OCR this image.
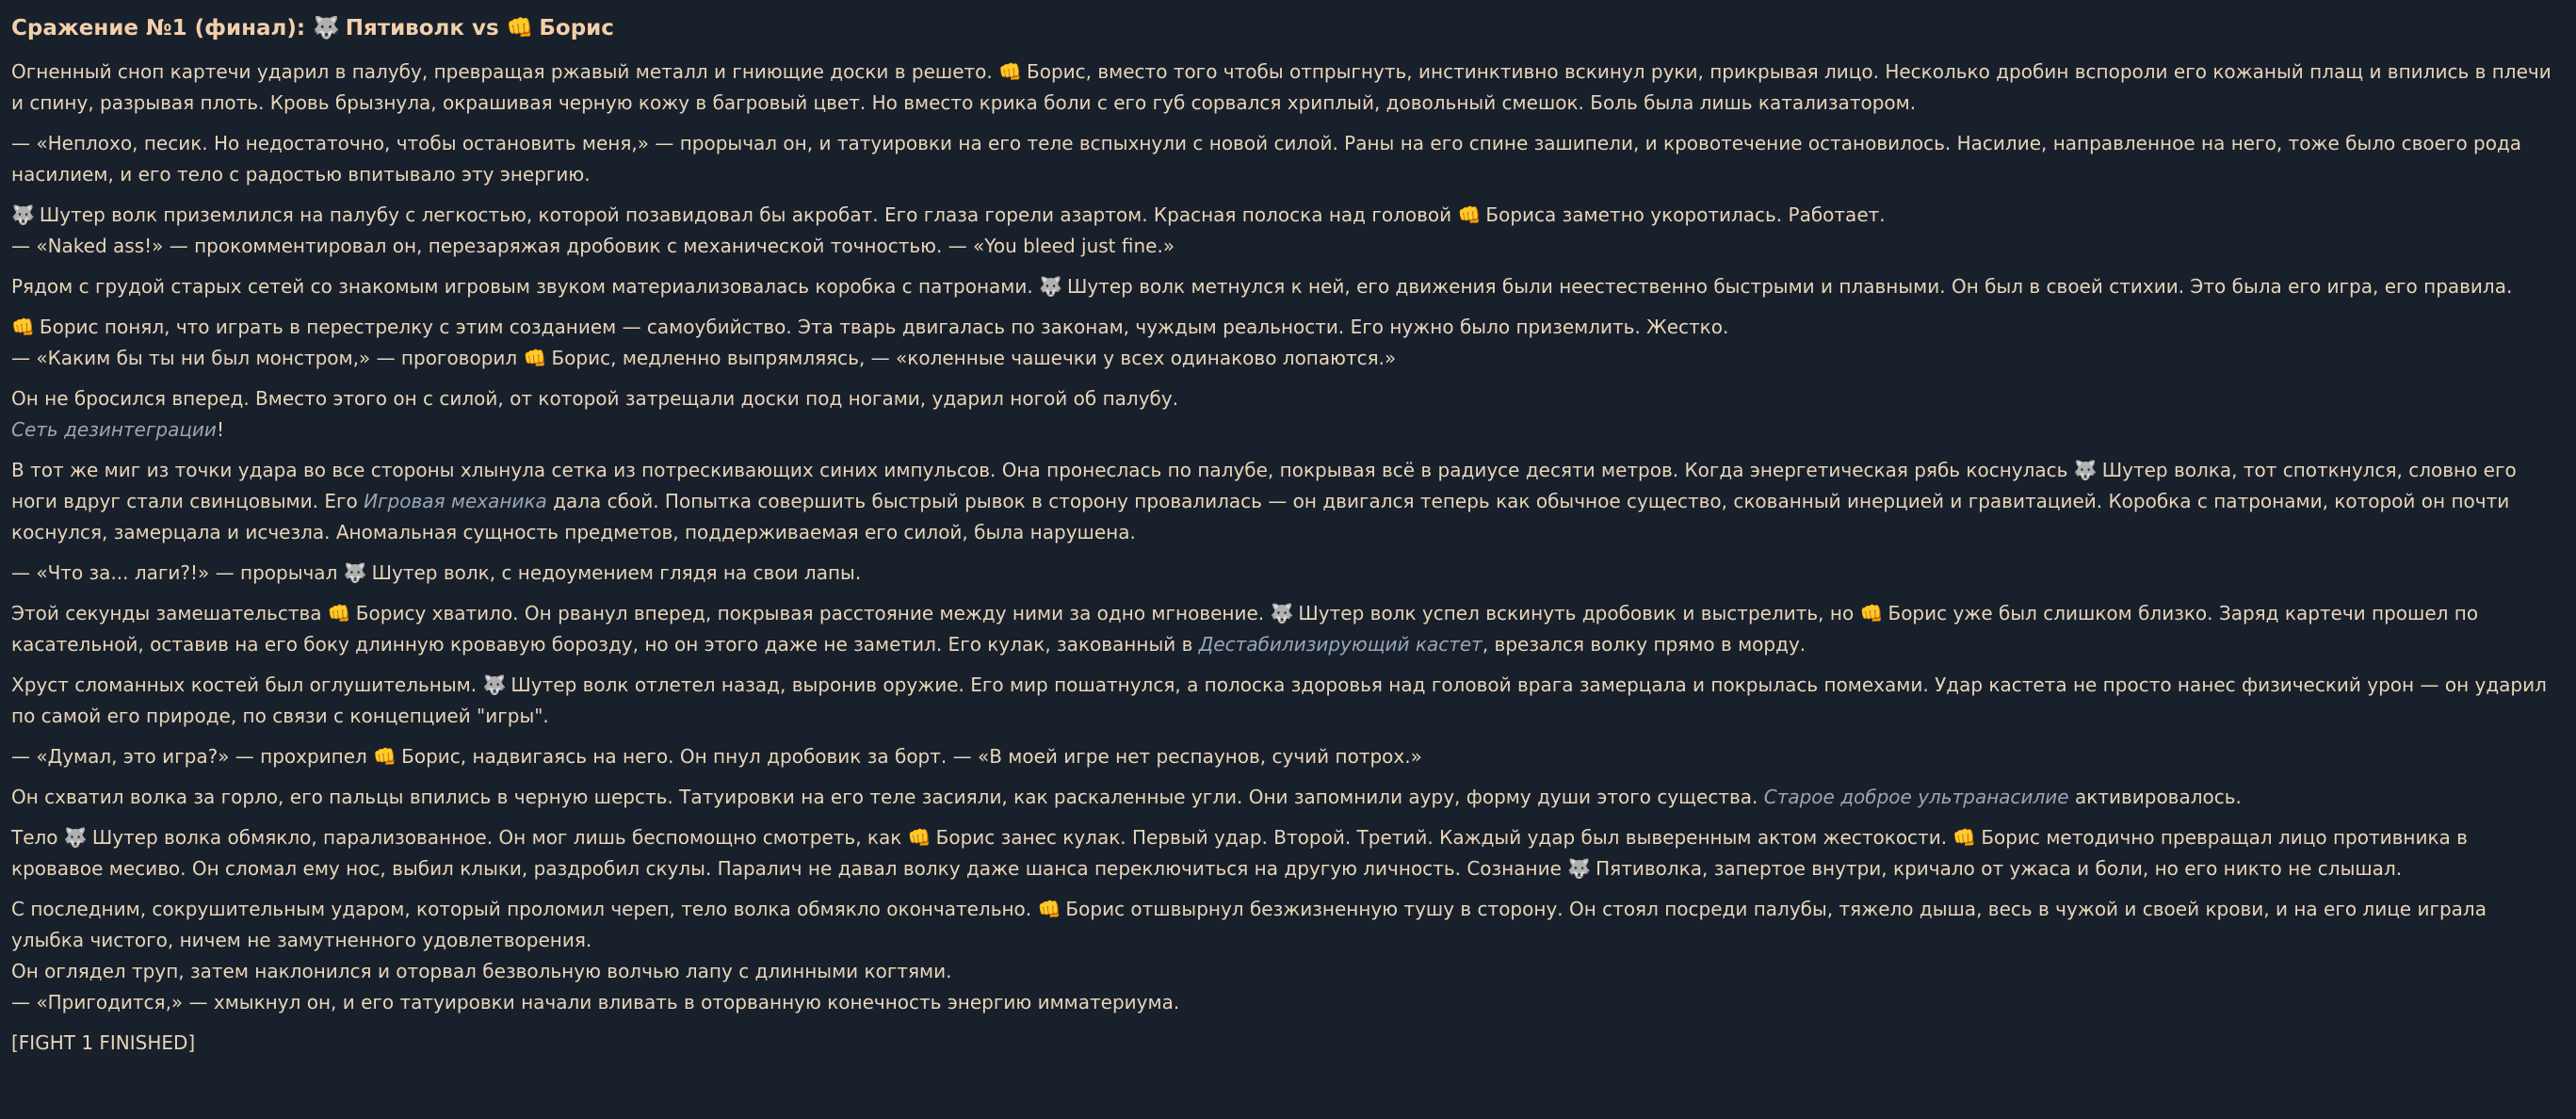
Сражение №1 (финал): 🐺 Пятиволк vs 👊 Борис
Огненный сноп картечи ударил в палубу, превращая ржавый металл и гниющие доски в решето. 👊 Борис, вместо того чтобы отпрыгнуть, инстинктивно вскинул руки, прикрывая лицо. Несколько дробин вспороли его кожаный плащ и впились в плечи и спину, разрывая плоть. Кровь брызнула, окрашивая черную кожу в багровый цвет. Но вместо крика боли с его губ сорвался хриплый, довольный смешок. Боль была лишь катализатором.
— «Неплохо, песик. Но недостаточно, чтобы остановить меня,» — прорычал он, и татуировки на его теле вспыхнули с новой силой. Раны на его спине зашипели, и кровотечение остановилось. Насилие, направленное на него, тоже было своего рода насилием, и его тело с радостью впитывало эту энергию.
🐺 Шутер волк приземлился на палубу с легкостью, которой позавидовал бы акробат. Его глаза горели азартом. Красная полоска над головой 👊 Бориса заметно укоротилась. Работает.
— «Naked ass!» — прокомментировал он, перезаряжая дробовик с механической точностью. — «You bleed just fine.»
Рядом с грудой старых сетей со знакомым игровым звуком материализовалась коробка с патронами. 🐺 Шутер волк метнулся к ней, его движения были неестественно быстрыми и плавными. Он был в своей стихии. Это была его игра, его правила.
👊 Борис понял, что играть в перестрелку с этим созданием — самоубийство. Эта тварь двигалась по законам, чуждым реальности. Его нужно было приземлить. Жестко.
— «Каким бы ты ни был монстром,» — проговорил 👊 Борис, медленно выпрямляясь, — «коленные чашечки у всех одинаково лопаются.»
Он не бросился вперед. Вместо этого он с силой, от которой затрещали доски под ногами, ударил ногой об палубу.
Сеть дезинтеграции!
В тот же миг из точки удара во все стороны хлынула сетка из потрескивающих синих импульсов. Она пронеслась по палубе, покрывая всё в радиусе десяти метров. Когда энергетическая рябь коснулась 🐺 Шутер волка, тот споткнулся, словно его ноги вдруг стали свинцовыми. Его Игровая механика дала сбой. Попытка совершить быстрый рывок в сторону провалилась — он двигался теперь как обычное существо, скованный инерцией и гравитацией. Коробка с патронами, которой он почти коснулся, замерцала и исчезла. Аномальная сущность предметов, поддерживаемая его силой, была нарушена.
— «Что за... лаги?!» — прорычал 🐺 Шутер волк, с недоумением глядя на свои лапы.
Этой секунды замешательства 👊 Борису хватило. Он рванул вперед, покрывая расстояние между ними за одно мгновение. 🐺 Шутер волк успел вскинуть дробовик и выстрелить, но 👊 Борис уже был слишком близко. Заряд картечи прошел по касательной, оставив на его боку длинную кровавую борозду, но он этого даже не заметил. Его кулак, закованный в Дестабилизирующий кастет, врезался волку прямо в морду.
Хруст сломанных костей был оглушительным. 🐺 Шутер волк отлетел назад, выронив оружие. Его мир пошатнулся, а полоска здоровья над головой врага замерцала и покрылась помехами. Удар кастета не просто нанес физический урон — он ударил по самой его природе, по связи с концепцией "игры".
— «Думал, это игра?» — прохрипел 👊 Борис, надвигаясь на него. Он пнул дробовик за борт. — «В моей игре нет респаунов, сучий потрох.»
Он схватил волка за горло, его пальцы впились в черную шерсть. Татуировки на его теле засияли, как раскаленные угли. Они запомнили ауру, форму души этого существа. Старое доброе ультранасилие активировалось.
Тело 🐺 Шутер волка обмякло, парализованное. Он мог лишь беспомощно смотреть, как 👊 Борис занес кулак. Первый удар. Второй. Третий. Каждый удар был выверенным актом жестокости. 👊 Борис методично превращал лицо противника в кровавое месиво. Он сломал ему нос, выбил клыки, раздробил скулы. Паралич не давал волку даже шанса переключиться на другую личность. Сознание 🐺 Пятиволка, запертое внутри, кричало от ужаса и боли, но его никто не слышал.
С последним, сокрушительным ударом, который проломил череп, тело волка обмякло окончательно. 👊 Борис отшвырнул безжизненную тушу в сторону. Он стоял посреди палубы, тяжело дыша, весь в чужой и своей крови, и на его лице играла улыбка чистого, ничем не замутненного удовлетворения.
Он оглядел труп, затем наклонился и оторвал безвольную волчью лапу с длинными когтями.
— «Пригодится,» — хмыкнул он, и его татуировки начали вливать в оторванную конечность энергию имматериума.
[FIGHT 1 FINISHED]
